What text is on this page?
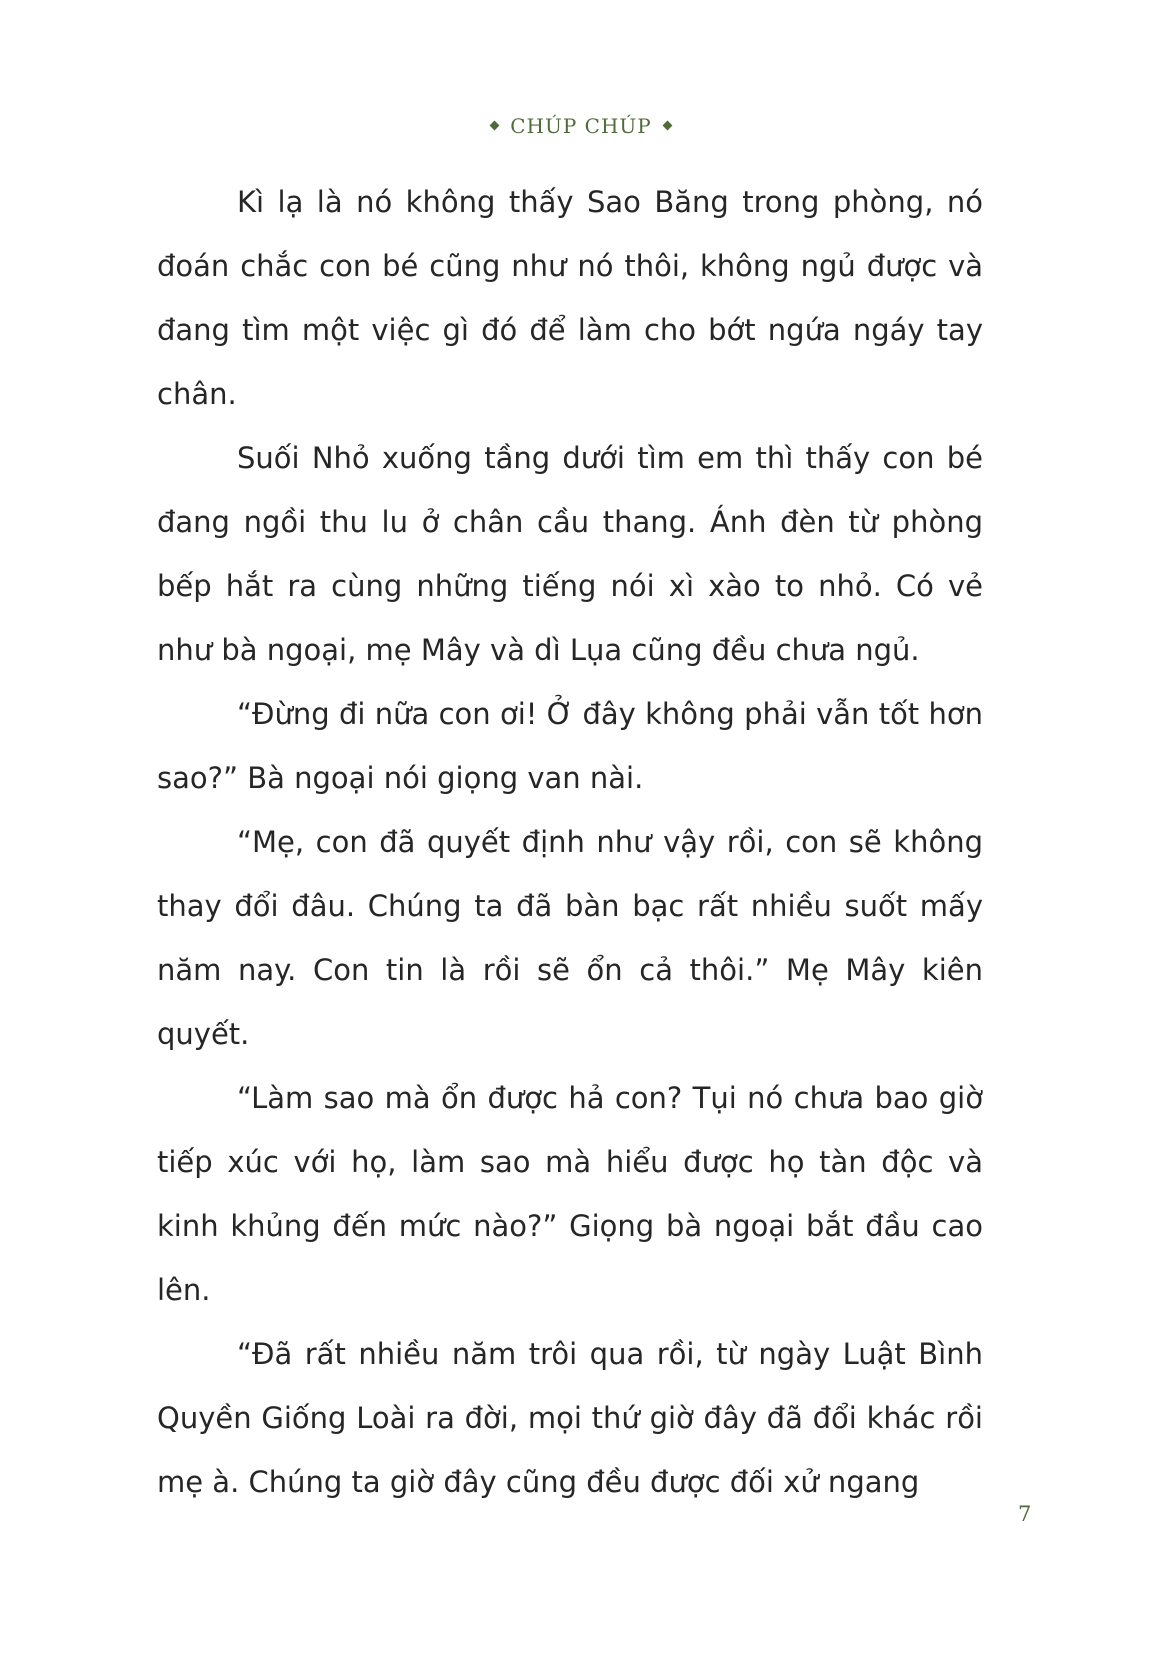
CHÚP CHÚP

Kì lạ là nó không thấy Sao Băng trong phòng, nó đoán chắc con bé cũng như nó thôi, không ngủ được và đang tìm một việc gì đó để làm cho bớt ngứa ngáy tay chân.

Suối Nhỏ xuống tầng dưới tìm em thì thấy con bé đang ngồi thu lu ở chân cầu thang. Ánh đèn từ phòng bếp hắt ra cùng những tiếng nói xì xào to nhỏ. Có vẻ như bà ngoại, mẹ Mây và dì Lụa cũng đều chưa ngủ.

“Đừng đi nữa con ơi! Ở đây không phải vẫn tốt hơn sao?” Bà ngoại nói giọng van nài.

“Mẹ, con đã quyết định như vậy rồi, con sẽ không thay đổi đâu. Chúng ta đã bàn bạc rất nhiều suốt mấy năm nay. Con tin là rồi sẽ ổn cả thôi.” Mẹ Mây kiên quyết.

“Làm sao mà ổn được hả con? Tụi nó chưa bao giờ tiếp xúc với họ, làm sao mà hiểu được họ tàn độc và kinh khủng đến mức nào?” Giọng bà ngoại bắt đầu cao lên.

“Đã rất nhiều năm trôi qua rồi, từ ngày Luật Bình Quyền Giống Loài ra đời, mọi thứ giờ đây đã đổi khác rồi mẹ à. Chúng ta giờ đây cũng đều được đối xử ngang

7
